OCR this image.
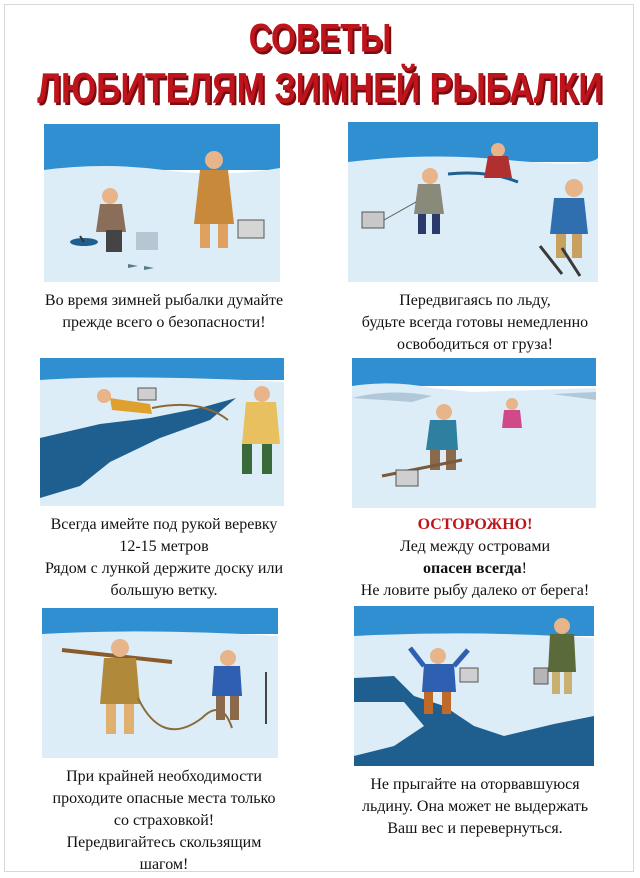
СОВЕТЫ
ЛЮБИТЕЛЯМ ЗИМНЕЙ РЫБАЛКИ
Во время зимней рыбалки думайте
прежде всего о безопасности!
Передвигаясь по льду,
будьте всегда готовы немедленно
освободиться от груза!
Всегда имейте под рукой веревку
12-15 метров
Рядом с лункой держите доску или
большую ветку.
ОСТОРОЖНО!
Лед между островами
опасен всегда!
Не ловите рыбу далеко от берега!
При крайней необходимости
проходите опасные места только
со страховкой!
Передвигайтесь скользящим
шагом!
Не прыгайте на оторвавшуюся
льдину. Она может не выдержать
Ваш вес и перевернуться.
